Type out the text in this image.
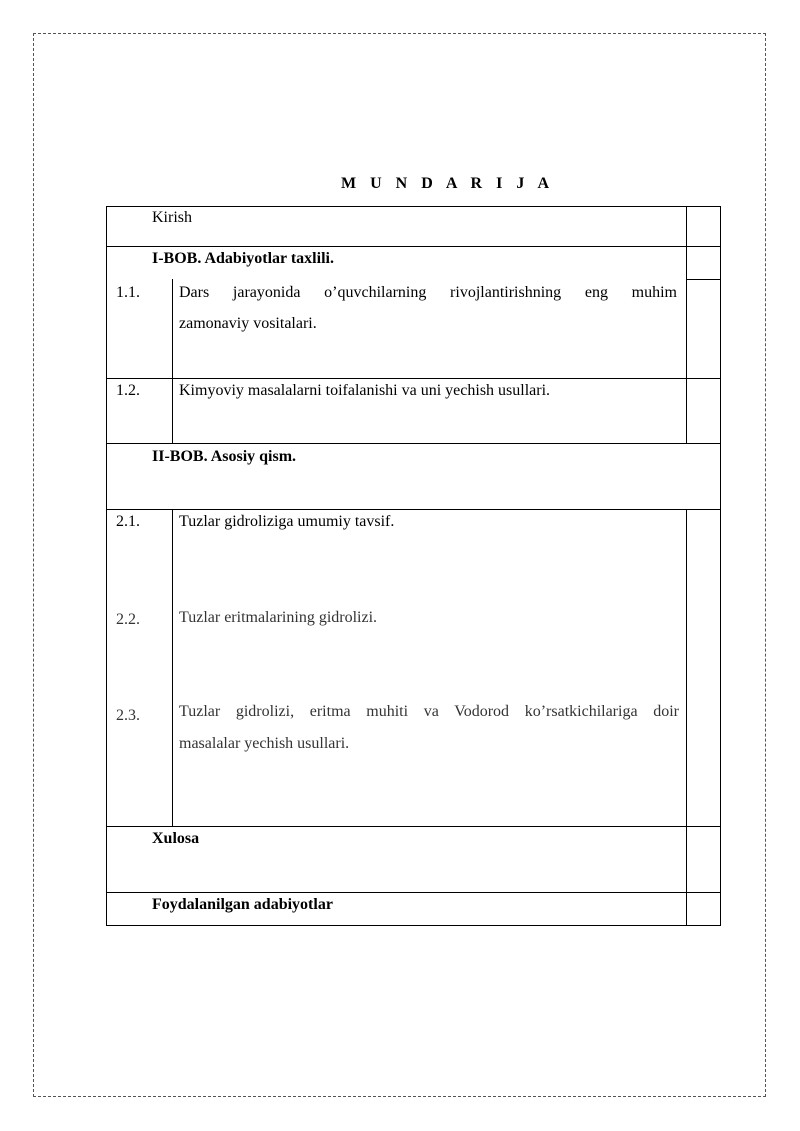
M U N D A R I J A
Kirish
I-BOB. Adabiyotlar taxlili.
1.1. Dars jarayonida o’quvchilarning rivojlantirishning eng muhim
zamonaviy vositalari.
1.2. Kimyoviy masalalarni toifalanishi va uni yechish usullari.
II-BOB. Asosiy qism.
2.1. Tuzlar gidroliziga umumiy tavsif.
2.2. Tuzlar eritmalarining gidrolizi.
2.3. Tuzlar gidrolizi, eritma muhiti va Vodorod ko’rsatkichilariga doir
masalalar yechish usullari.
Xulosa
Foydalanilgan adabiyotlar
